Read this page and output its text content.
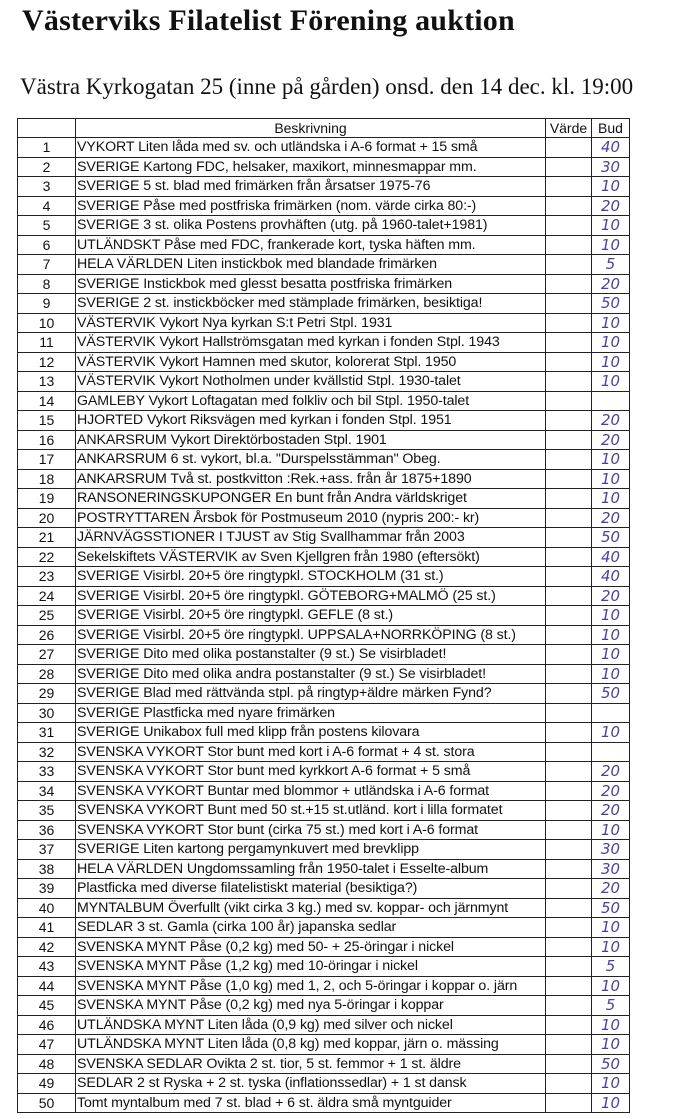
Västerviks Filatelist Förening auktion
Västra Kyrkogatan 25 (inne på gården) onsd. den 14 dec. kl. 19:00
	Beskrivning	Värde	Bud
1	VYKORT Liten låda med sv. och utländska i A-6 format + 15 små		40
2	SVERIGE Kartong FDC, helsaker, maxikort, minnesmappar mm.		30
3	SVERIGE 5 st. blad med frimärken från årsatser 1975-76		10
4	SVERIGE Påse med postfriska frimärken (nom. värde cirka 80:-)		20
5	SVERIGE 3 st. olika Postens provhäften (utg. på 1960-talet+1981)		10
6	UTLÄNDSKT Påse med FDC, frankerade kort, tyska häften mm.		10
7	HELA VÄRLDEN Liten instickbok med blandade frimärken		5
8	SVERIGE Instickbok med glesst besatta postfriska frimärken		20
9	SVERIGE 2 st. instickböcker med stämplade frimärken, besiktiga!		50
10	VÄSTERVIK Vykort Nya kyrkan S:t Petri Stpl. 1931		10
11	VÄSTERVIK Vykort Hallströmsgatan med kyrkan i fonden Stpl. 1943		10
12	VÄSTERVIK Vykort Hamnen med skutor, kolorerat Stpl. 1950		10
13	VÄSTERVIK Vykort Notholmen under kvällstid Stpl. 1930-talet		10
14	GAMLEBY Vykort Loftagatan med folkliv och bil Stpl. 1950-talet		
15	HJORTED Vykort Riksvägen med kyrkan i fonden Stpl. 1951		20
16	ANKARSRUM Vykort Direktörbostaden Stpl. 1901		20
17	ANKARSRUM 6 st. vykort, bl.a. "Durspelsstämman" Obeg.		10
18	ANKARSRUM Två st. postkvitton :Rek.+ass. från år 1875+1890		10
19	RANSONERINGSKUPONGER En bunt från Andra världskriget		10
20	POSTRYTTAREN Årsbok för Postmuseum 2010 (nypris 200:- kr)		20
21	JÄRNVÄGSSTIONER I TJUST av Stig Svallhammar från 2003		50
22	Sekelskiftets VÄSTERVIK av Sven Kjellgren från 1980 (eftersökt)		40
23	SVERIGE Visirbl. 20+5 öre ringtypkl. STOCKHOLM (31 st.)		40
24	SVERIGE Visirbl. 20+5 öre ringtypkl. GÖTEBORG+MALMÖ (25 st.)		20
25	SVERIGE Visirbl. 20+5 öre ringtypkl. GEFLE (8 st.)		10
26	SVERIGE Visirbl. 20+5 öre ringtypkl. UPPSALA+NORRKÖPING (8 st.)		10
27	SVERIGE Dito med olika postanstalter (9 st.) Se visirbladet!		10
28	SVERIGE Dito med olika andra postanstalter (9 st.) Se visirbladet!		10
29	SVERIGE Blad med rättvända stpl. på ringtyp+äldre märken Fynd?		50
30	SVERIGE Plastficka med nyare frimärken		
31	SVERIGE Unikabox full med klipp från postens kilovara		10
32	SVENSKA VYKORT Stor bunt med kort i A-6 format + 4 st. stora		
33	SVENSKA VYKORT Stor bunt med kyrkkort A-6 format + 5 små		20
34	SVENSKA VYKORT Buntar med blommor + utländska i A-6 format		20
35	SVENSKA VYKORT Bunt med 50 st.+15 st.utländ. kort i lilla formatet		20
36	SVENSKA VYKORT Stor bunt (cirka 75 st.) med kort i A-6 format		10
37	SVERIGE Liten kartong pergamynkuvert med brevklipp		30
38	HELA VÄRLDEN Ungdomssamling från 1950-talet i Esselte-album		30
39	Plastficka med diverse filatelistiskt material (besiktiga?)		20
40	MYNTALBUM Överfullt (vikt cirka 3 kg.) med sv. koppar- och järnmynt		50
41	SEDLAR 3 st. Gamla (cirka 100 år) japanska sedlar		10
42	SVENSKA MYNT Påse (0,2 kg) med 50- + 25-öringar i nickel		10
43	SVENSKA MYNT Påse (1,2 kg) med 10-öringar i nickel		5
44	SVENSKA MYNT Påse (1,0 kg) med 1, 2, och 5-öringar i koppar o. järn		10
45	SVENSKA MYNT Påse (0,2 kg) med nya 5-öringar i koppar		5
46	UTLÄNDSKA MYNT Liten låda (0,9 kg) med silver och nickel		10
47	UTLÄNDSKA MYNT Liten låda (0,8 kg) med koppar, järn o. mässing		10
48	SVENSKA SEDLAR Ovikta 2 st. tior, 5 st. femmor + 1 st. äldre		50
49	SEDLAR 2 st Ryska + 2 st. tyska (inflationssedlar) + 1 st dansk		10
50	Tomt myntalbum med 7 st. blad + 6 st. äldra små myntguider		10
